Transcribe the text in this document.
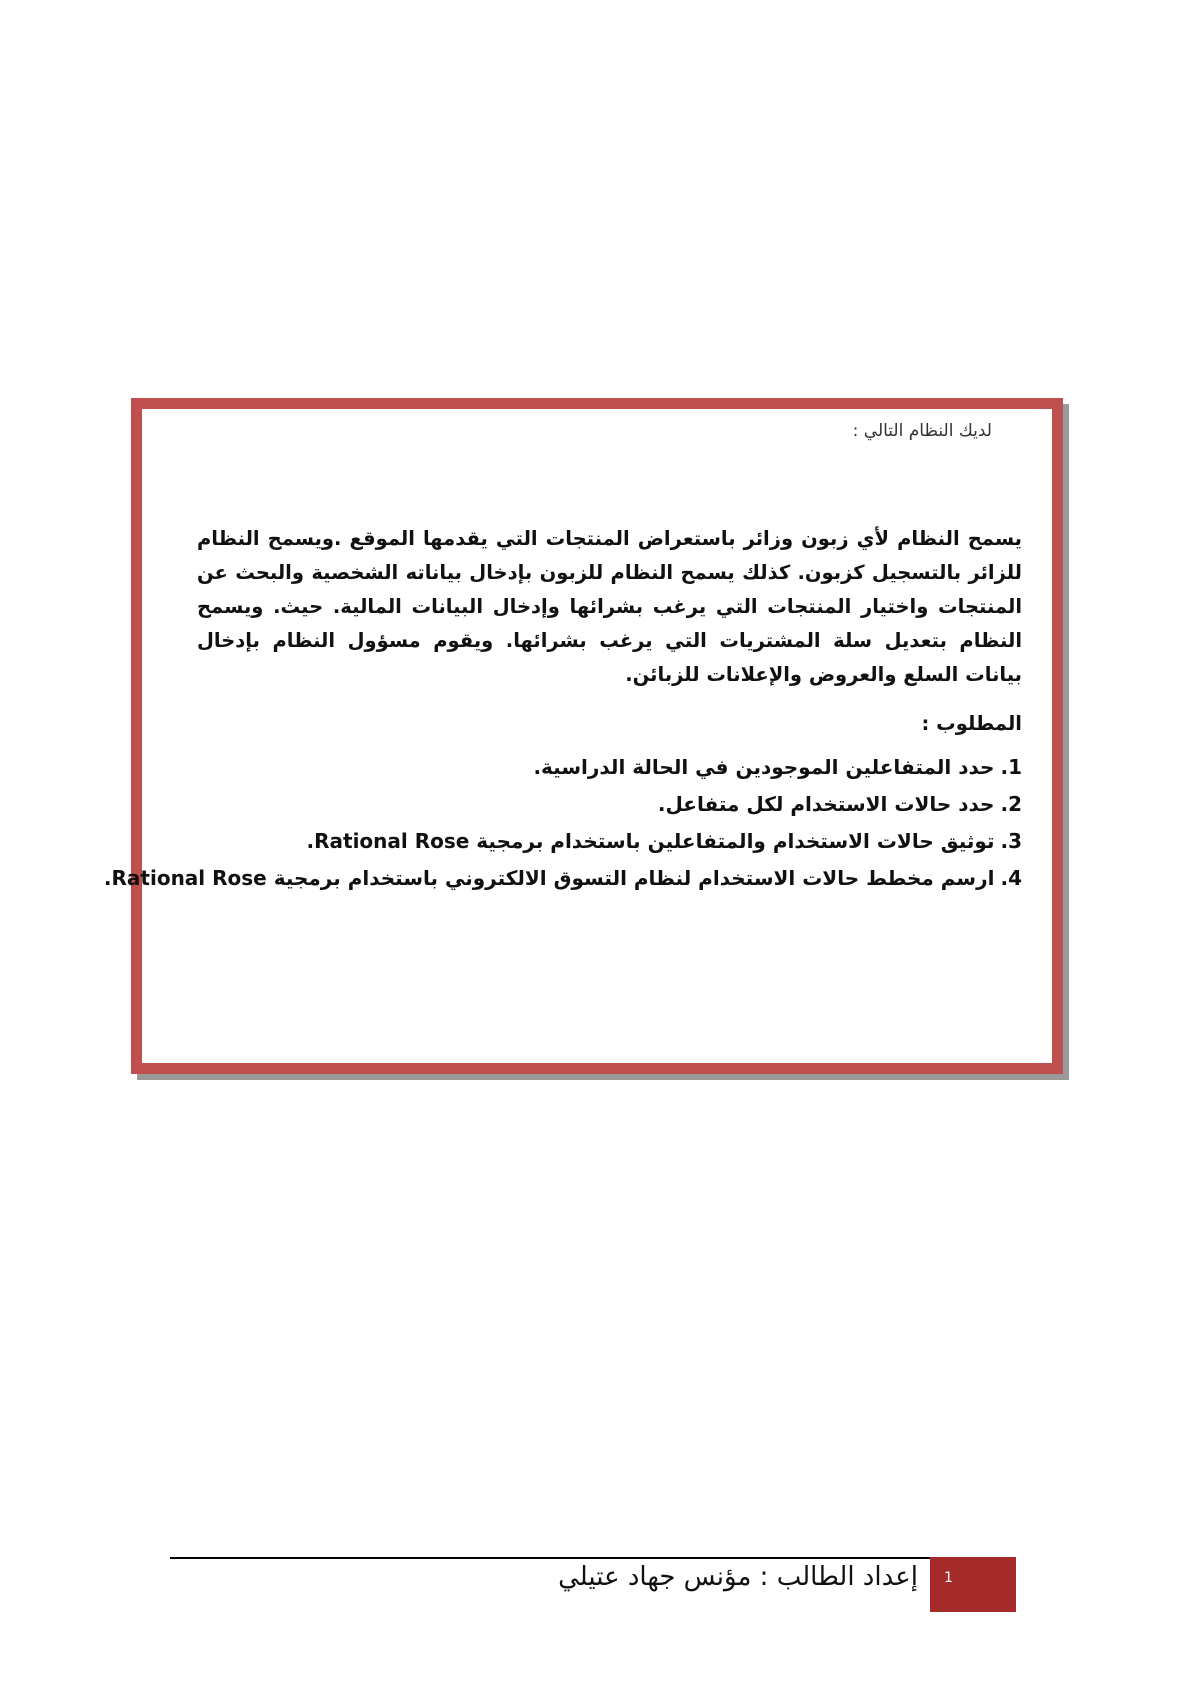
لديك النظام التالي :

يسمح النظام لأي زبون وزائر باستعراض المنتجات التي يقدمها الموقع .ويسمح النظام للزائر بالتسجيل كزبون. كذلك يسمح النظام للزبون بإدخال بياناته الشخصية والبحث عن المنتجات واختيار المنتجات التي يرغب بشرائها وإدخال البيانات المالية. حيث. ويسمح النظام بتعديل سلة المشتريات التي يرغب بشرائها. ويقوم مسؤول النظام بإدخال بيانات السلع والعروض والإعلانات للزبائن.

المطلوب :

1.حدد المتفاعلين الموجودين في الحالة الدراسية.
2.حدد حالات الاستخدام لكل متفاعل.
3.توثيق حالات الاستخدام والمتفاعلين باستخدام برمجية Rational Rose.
4.ارسم مخطط حالات الاستخدام لنظام التسوق الالكتروني باستخدام برمجية Rational Rose.
إعداد الطالب : مؤنس جهاد عتيلي	1
